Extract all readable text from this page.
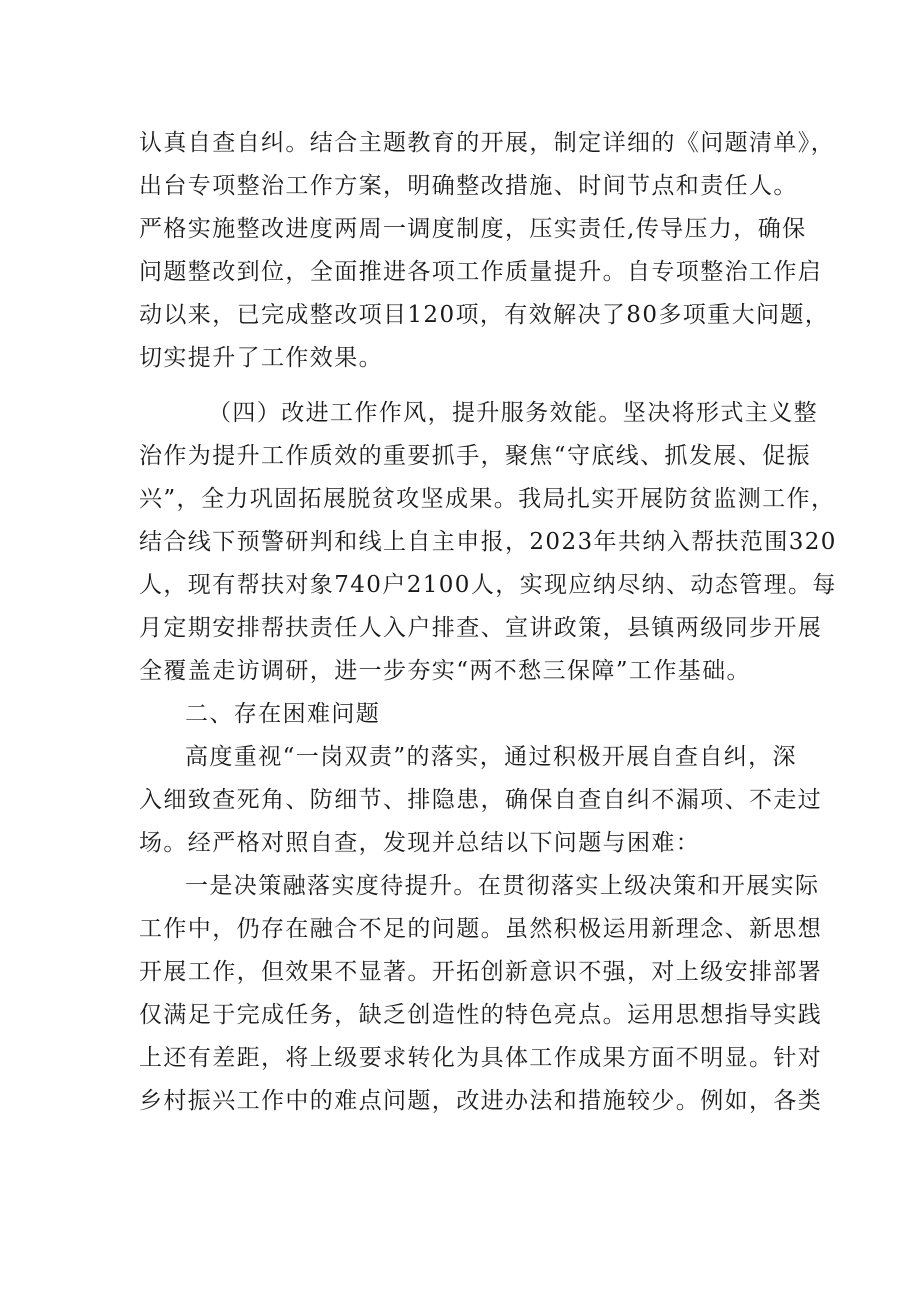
认真自查自纠。结合主题教育的开展，制定详细的《问题清单》，
出台专项整治工作方案，明确整改措施、时间节点和责任人。
严格实施整改进度两周一调度制度，压实责任,传导压力，确保
问题整改到位，全面推进各项工作质量提升。自专项整治工作启
动以来，已完成整改项目120项，有效解决了80多项重大问题，
切实提升了工作效果。
（四）改进工作作风，提升服务效能。坚决将形式主义整
治作为提升工作质效的重要抓手，聚焦“守底线、抓发展、促振
兴”，全力巩固拓展脱贫攻坚成果。我局扎实开展防贫监测工作，
结合线下预警研判和线上自主申报，2023年共纳入帮扶范围320
人，现有帮扶对象740户2100人，实现应纳尽纳、动态管理。每
月定期安排帮扶责任人入户排查、宣讲政策，县镇两级同步开展
全覆盖走访调研，进一步夯实“两不愁三保障”工作基础。
二、存在困难问题
高度重视“一岗双责”的落实，通过积极开展自查自纠，深
入细致查死角、防细节、排隐患，确保自查自纠不漏项、不走过
场。经严格对照自查，发现并总结以下问题与困难：
一是决策融落实度待提升。在贯彻落实上级决策和开展实际
工作中，仍存在融合不足的问题。虽然积极运用新理念、新思想
开展工作，但效果不显著。开拓创新意识不强，对上级安排部署
仅满足于完成任务，缺乏创造性的特色亮点。运用思想指导实践
上还有差距，将上级要求转化为具体工作成果方面不明显。针对
乡村振兴工作中的难点问题，改进办法和措施较少。例如，各类
